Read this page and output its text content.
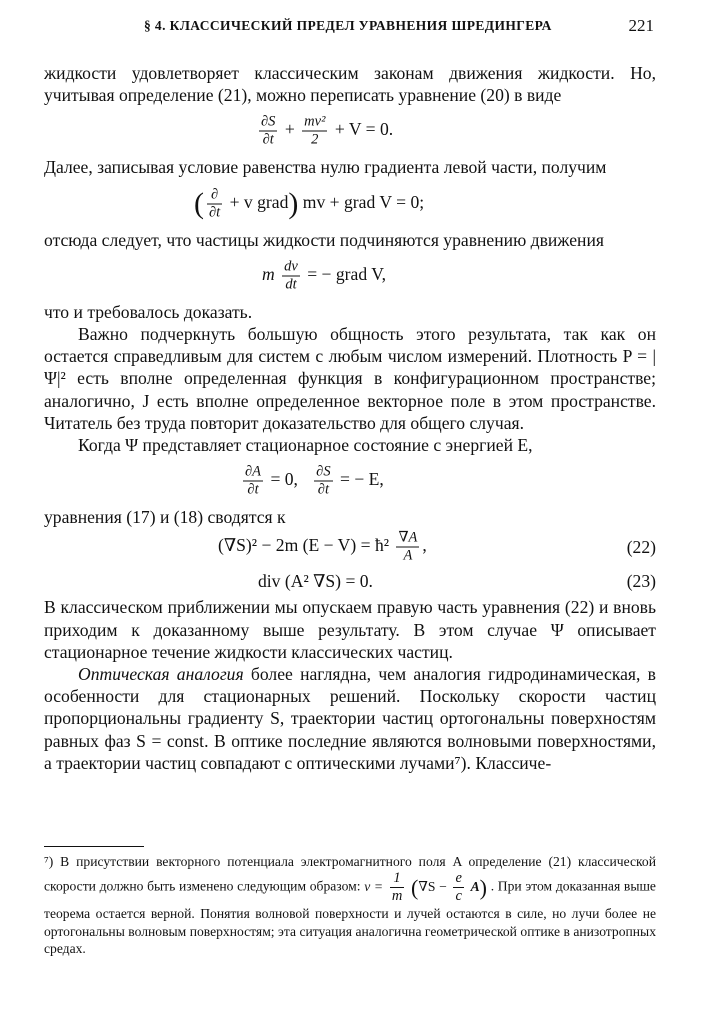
§ 4. КЛАССИЧЕСКИЙ ПРЕДЕЛ УРАВНЕНИЯ ШРЕДИНГЕРА	221

жидкости удовлетворяет классическим законам движения жидкости. Но, учитывая определение (21), можно переписать уравнение (20) в виде

$\frac{\partial S}{\partial t} + \frac{\text{mv²}}{2} + V = 0$.

Далее, записывая условие равенства нулю градиента левой части, получим

( $\frac{\partial}{\partial t} + v$ grad) mv + grad V = 0;

отсюда следует, что частицы жидкости подчиняются уравнению движения

m $\frac{dv}{dt}$ = − grad V,

что и требовалось доказать.

Важно подчеркнуть большую общность этого результата, так как он остается справедливым для систем с любым числом измерений. Плотность P = |Ψ|² есть вполне определенная функция в конфигурационном пространстве; аналогично, J есть вполне определенное векторное поле в этом пространстве. Читатель без труда повторит доказательство для общего случая.

Когда Ψ представляет стационарное состояние с энергией E,

$\frac{\partial A}{\partial t} = 0$, $\frac{\partial S}{\partial t}$ = − E,

уравнения (17) и (18) сводятся к

(∇S)² − 2m (E − V) = ħ² $\frac{\nabla A}{A}$ ,	(22)
div (A² ∇S) = 0.	(23)

В классическом приближении мы опускаем правую часть уравнения (22) и вновь приходим к доказанному выше результату. В этом случае Ψ описывает стационарное течение жидкости классических частиц.

Оптическая аналогия более наглядна, чем аналогия гидродинамическая, в особенности для стационарных решений. Поскольку скорости частиц пропорциональны градиенту S, траектории частиц ортогональны поверхностям равных фаз S = const. В оптике последние являются волновыми поверхностями, а траектории частиц совпадают с оптическими лучами⁷). Классиче-

⁷) В присутствии векторного потенциала электромагнитного поля A определение (21) классической скорости должно быть изменено следующим образом: $v = \frac{1}{m} (\nabla S - \frac{e}{c} A)$ . При этом доказанная выше теорема остается верной. Понятия волновой поверхности и лучей остаются в силе, но лучи более не ортогональны волновым поверхностям; эта ситуация аналогична геометрической оптике в анизотропных средах.
